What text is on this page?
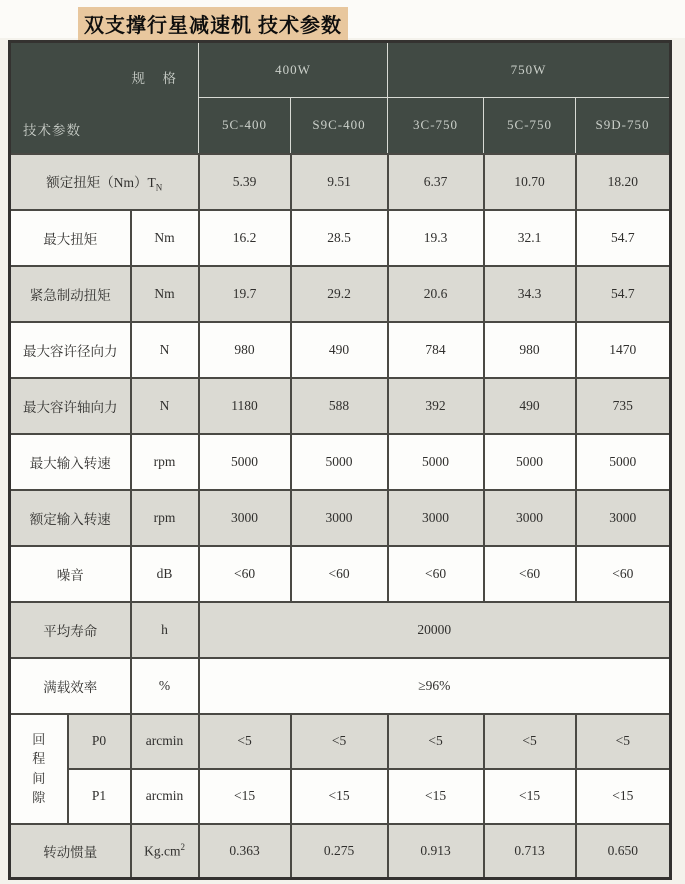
双支撑行星减速机 技术参数
规　格
技术参数			400W		750W		
			5C-400	S9C-400	3C-750	5C-750	S9D-750
额定扭矩$(Nm)T_N$			5.39	9.51	6.37	10.70	18.20
最大扭矩		Nm	16.2	28.5	19.3	32.1	54.7
紧急制动扭矩		Nm	19.7	29.2	20.6	34.3	54.7
最大容许径向力		N	980	490	784	980	1470
最大容许轴向力		N	1180	588	392	490	735
最大输入转速		rpm	5000	5000	5000	5000	5000
额定输入转速		rpm	3000	3000	3000	3000	3000
噪音		dB	<60	<60	<60	<60	<60
平均寿命		h	20000				
满载效率		%	≥96%				

回
程
间
隙	P0	arcmin	<5	<5	<5	<5	<5
	P1	arcmin	<15	<15	<15	<15	<15
转动惯量		$Kg.cm^2$	0.363	0.275	0.913	0.713	0.650
